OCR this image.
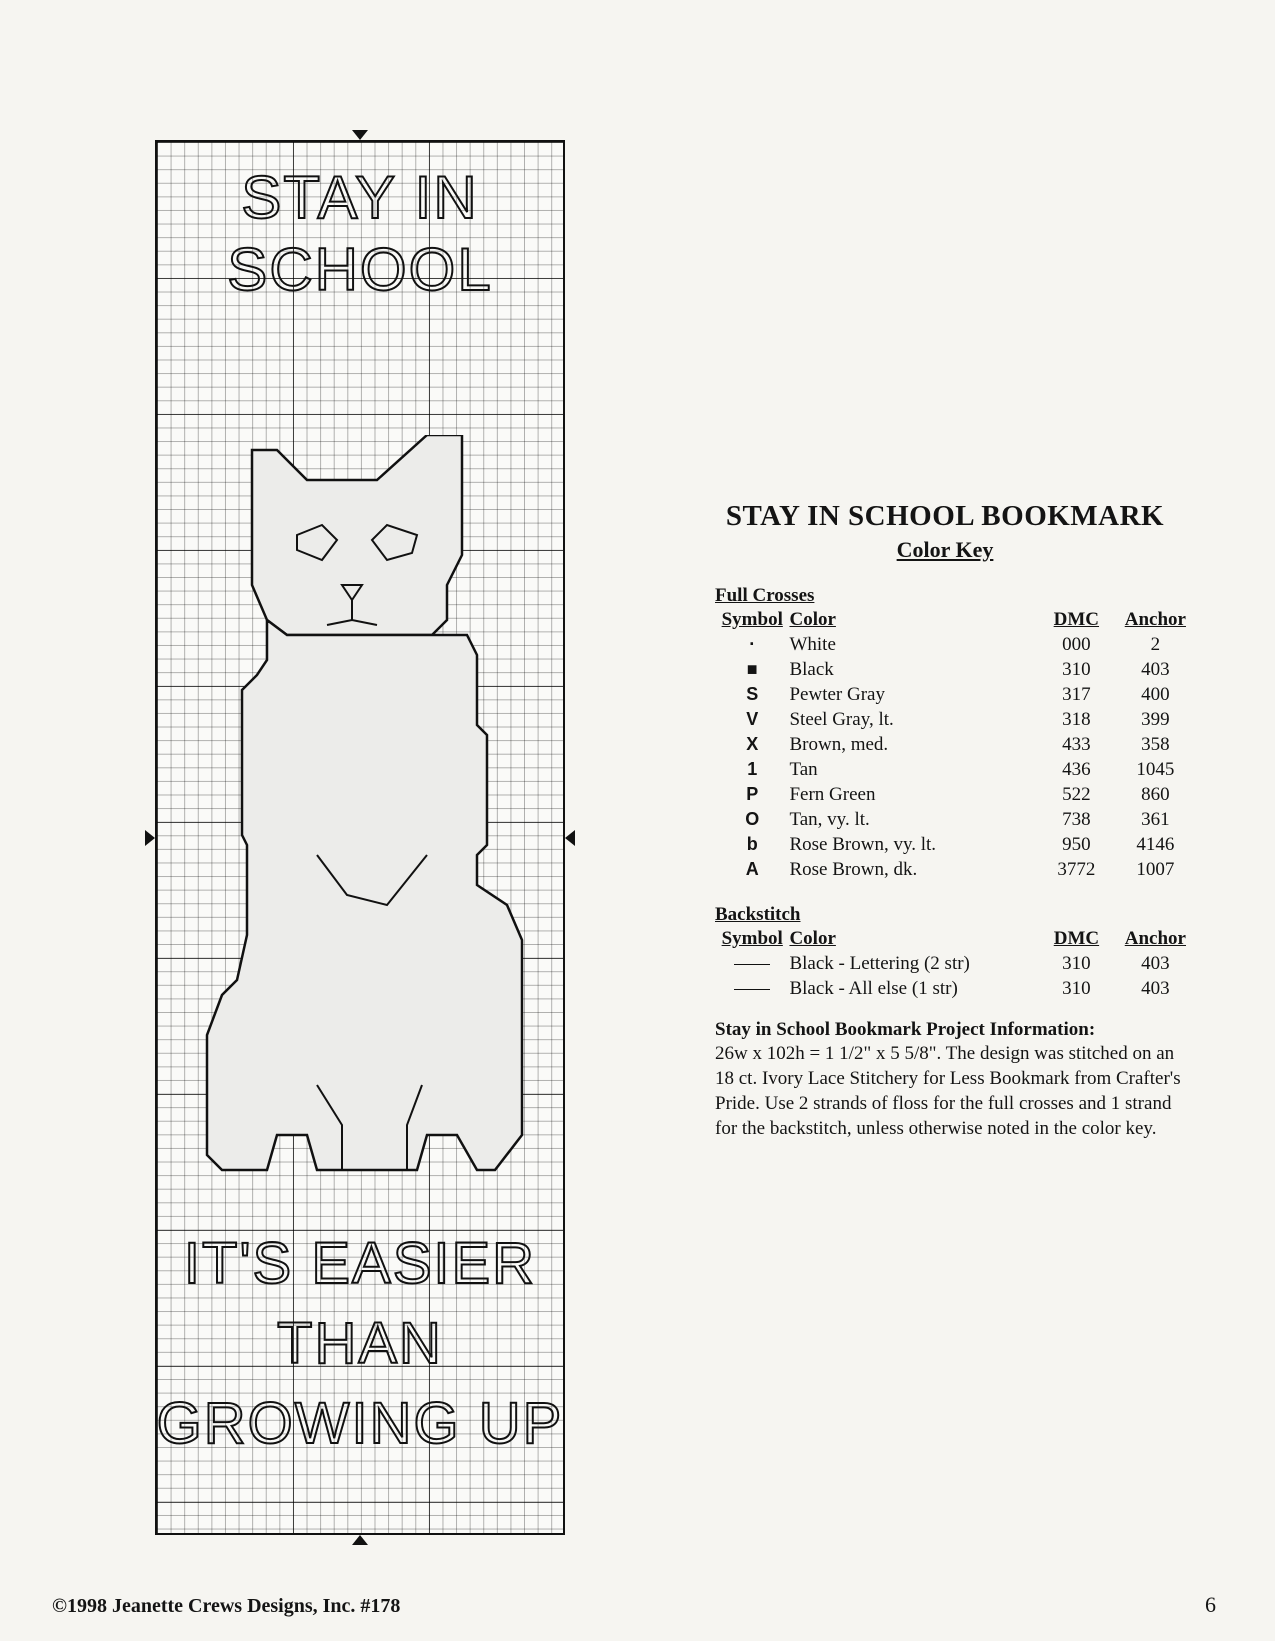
STAY IN
SCHOOL
IT'S EASIER
THAN
GROWING UP
STAY IN SCHOOL BOOKMARK
Color Key
Full Crosses
Symbol	Color	DMC	Anchor
·	White	000	2
■	Black	310	403
S	Pewter Gray	317	400
V	Steel Gray, lt.	318	399
X	Brown, med.	433	358
1	Tan	436	1045
P	Fern Green	522	860
O	Tan, vy. lt.	738	361
b	Rose Brown, vy. lt.	950	4146
A	Rose Brown, dk.	3772	1007
Backstitch
Symbol	Color	DMC	Anchor
	Black - Lettering (2 str)	310	403
	Black - All else (1 str)	310	403
Stay in School Bookmark Project Information:
26w x 102h = 1 1/2" x 5 5/8". The design was stitched on an 18 ct. Ivory Lace Stitchery for Less Bookmark from Crafter's Pride. Use 2 strands of floss for the full crosses and 1 strand for the backstitch, unless otherwise noted in the color key.
©1998 Jeanette Crews Designs, Inc. #178	6
